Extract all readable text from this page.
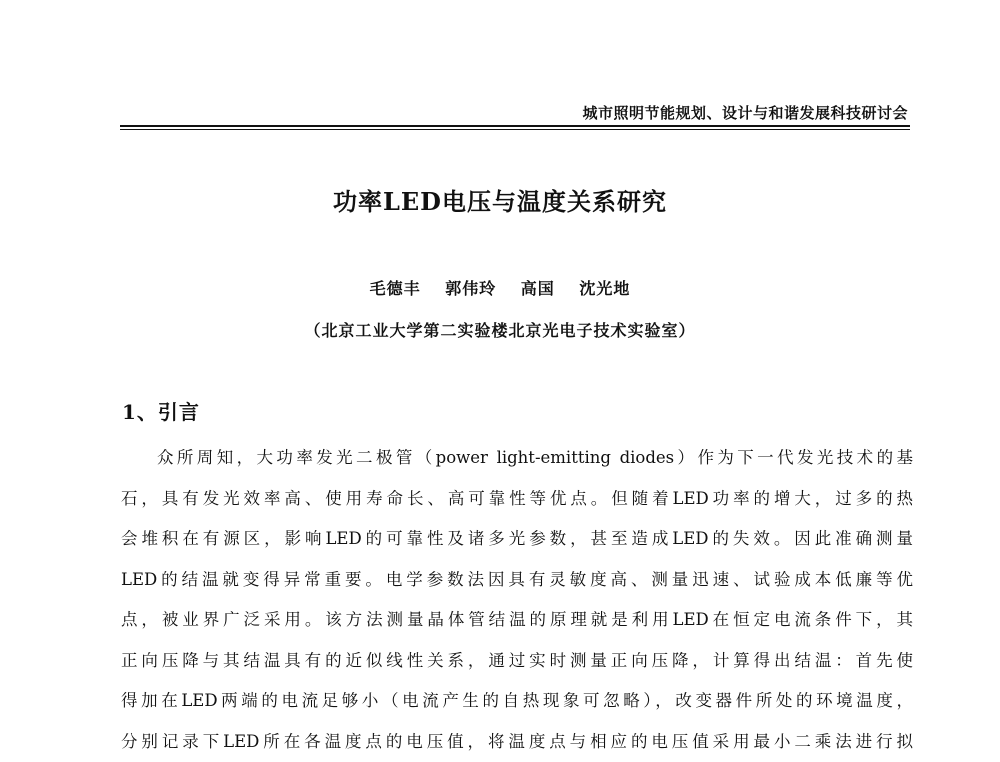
城市照明节能规划、设计与和谐发展科技研讨会
功率LED电压与温度关系研究
毛德丰 郭伟玲 高国 沈光地
（北京工业大学第二实验楼北京光电子技术实验室）
1、引言
众所周知，大功率发光二极管（power light-emitting diodes）作为下一代发光技术的基
石，具有发光效率高、使用寿命长、高可靠性等优点。但随着LED功率的增大，过多的热
会堆积在有源区，影响LED的可靠性及诸多光参数，甚至造成LED的失效。因此准确测量
LED的结温就变得异常重要。电学参数法因具有灵敏度高、测量迅速、试验成本低廉等优
点，被业界广泛采用。该方法测量晶体管结温的原理就是利用LED在恒定电流条件下，其
正向压降与其结温具有的近似线性关系，通过实时测量正向压降，计算得出结温：首先使
得加在LED两端的电流足够小（电流产生的自热现象可忽略），改变器件所处的环境温度，
分别记录下LED所在各温度点的电压值，将温度点与相应的电压值采用最小二乘法进行拟
